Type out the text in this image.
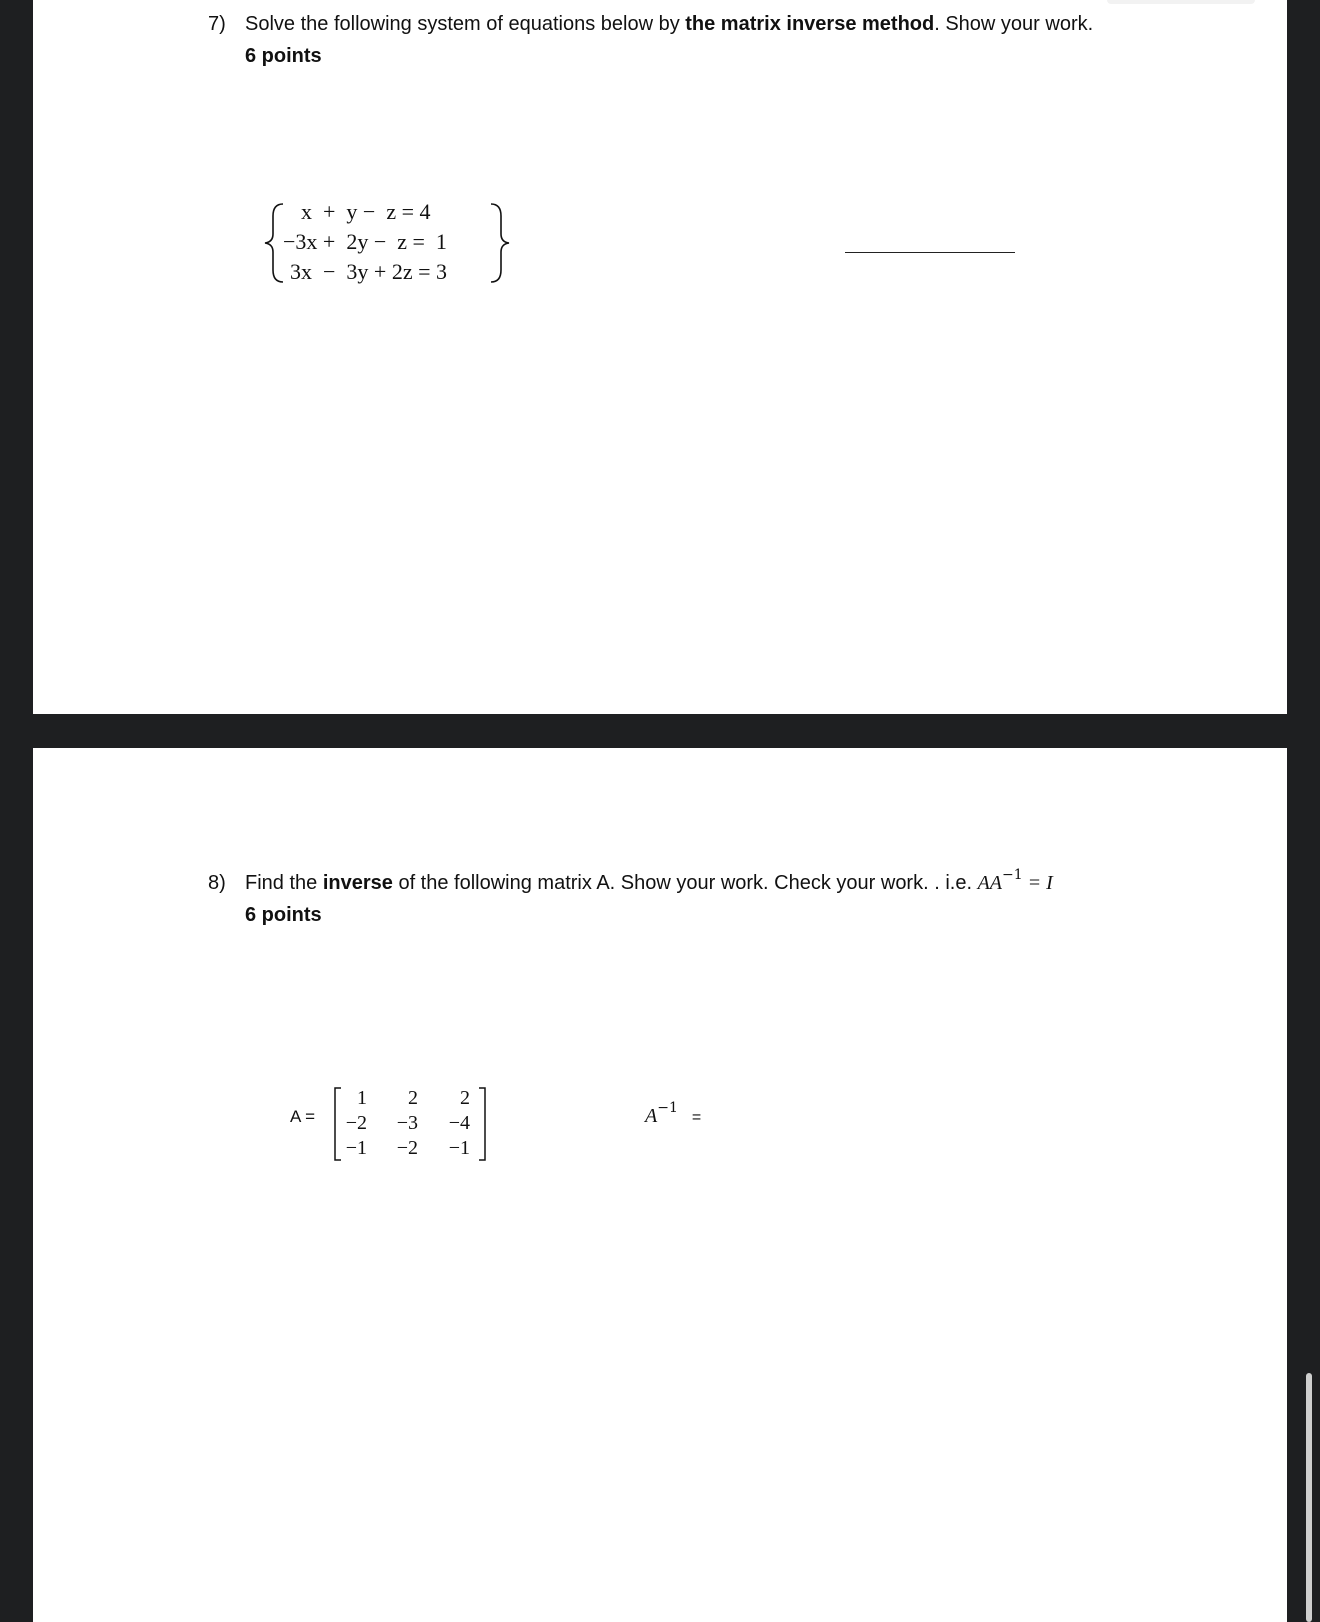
7) Solve the following system of equations below by the matrix inverse method. Show your work.
6 points
x  +  y −  z = 4
−3x +  2y −  z =  1
3x  −  3y + 2z = 3
8) Find the inverse of the following matrix A. Show your work. Check your work. . i.e. $AA^{-1} = I$
6 points
A =
1	2	2
−2	−3	−4
−1	−2	−1
$A^{-1}=$
